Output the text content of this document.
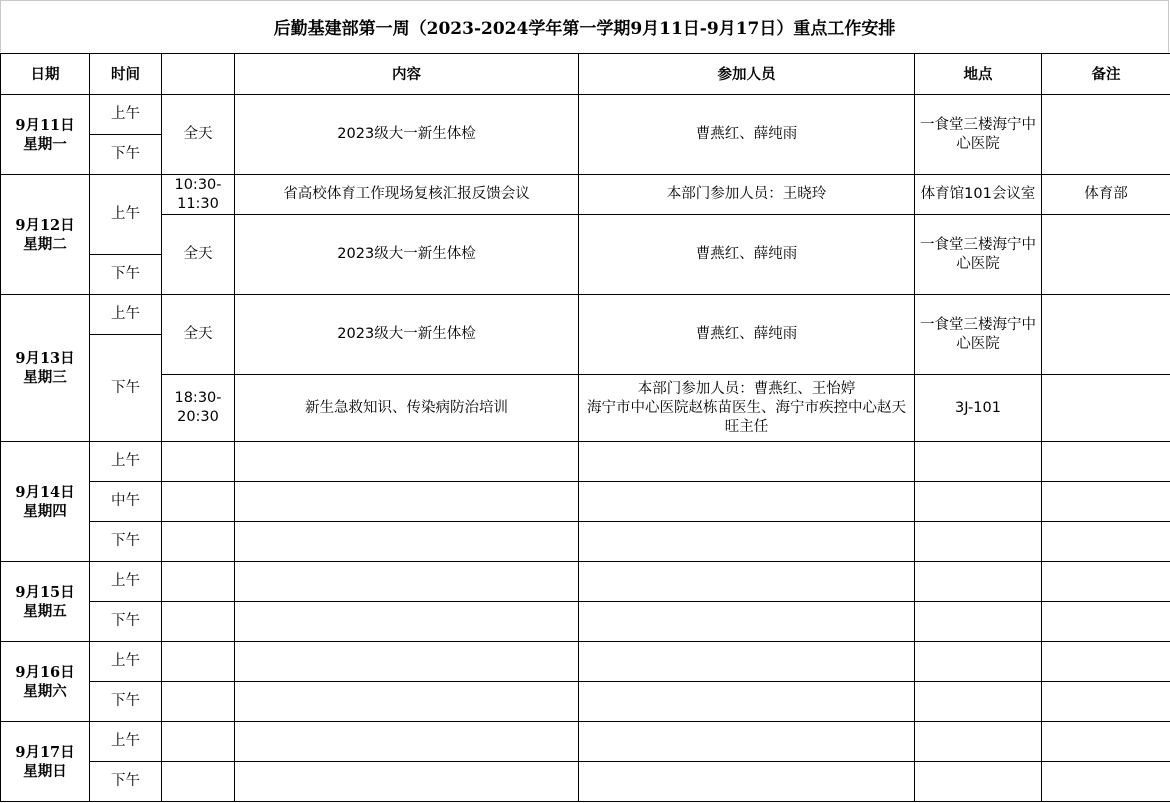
后勤基建部第一周（2023-2024学年第一学期9月11日-9月17日）重点工作安排
日期	时间		内容	参加人员	地点	备注

9月11日
星期一	上午	全天	2023级大一新生体检	曹燕红、薛纯雨	一食堂三楼海宁中心医院	
	下午					

9月12日
星期二	上午	10:30-11:30	省高校体育工作现场复核汇报反馈会议	本部门参加人员：王晓玲	体育馆101会议室	体育部
		全天	2023级大一新生体检	曹燕红、薛纯雨	一食堂三楼海宁中心医院	
	下午					

9月13日
星期三	上午	全天	2023级大一新生体检	曹燕红、薛纯雨	一食堂三楼海宁中心医院	
	下午					
		18:30-20:30	新生急救知识、传染病防治培训	本部门参加人员：曹燕红、王怡婷
海宁市中心医院赵栋苗医生、海宁市疾控中心赵天旺主任	3J-101	

9月14日
星期四	上午					
	中午					
	下午					

9月15日
星期五	上午					
	下午					

9月16日
星期六	上午					
	下午					

9月17日
星期日	上午					
	下午					
